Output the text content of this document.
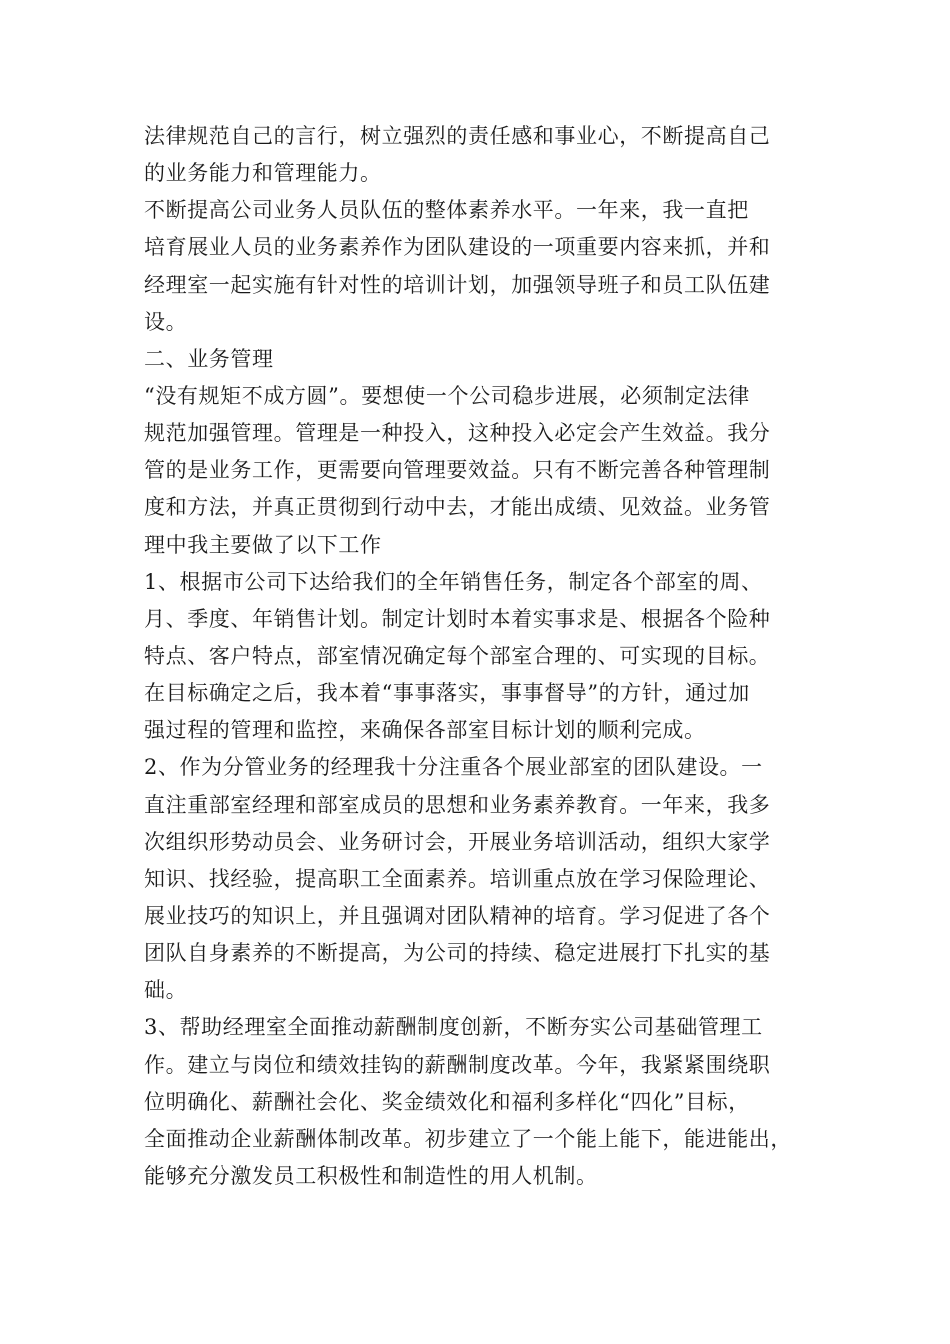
法律规范自己的言行，树立强烈的责任感和事业心，不断提高自己
的业务能力和管理能力。
不断提高公司业务人员队伍的整体素养水平。一年来，我一直把
培育展业人员的业务素养作为团队建设的一项重要内容来抓，并和
经理室一起实施有针对性的培训计划，加强领导班子和员工队伍建
设。
二、业务管理
“没有规矩不成方圆”。要想使一个公司稳步进展，必须制定法律
规范加强管理。管理是一种投入，这种投入必定会产生效益。我分
管的是业务工作，更需要向管理要效益。只有不断完善各种管理制
度和方法，并真正贯彻到行动中去，才能出成绩、见效益。业务管
理中我主要做了以下工作
1、根据市公司下达给我们的全年销售任务，制定各个部室的周、
月、季度、年销售计划。制定计划时本着实事求是、根据各个险种
特点、客户特点，部室情况确定每个部室合理的、可实现的目标。
在目标确定之后，我本着“事事落实，事事督导”的方针，通过加
强过程的管理和监控，来确保各部室目标计划的顺利完成。
2、作为分管业务的经理我十分注重各个展业部室的团队建设。一
直注重部室经理和部室成员的思想和业务素养教育。一年来，我多
次组织形势动员会、业务研讨会，开展业务培训活动，组织大家学
知识、找经验，提高职工全面素养。培训重点放在学习保险理论、
展业技巧的知识上，并且强调对团队精神的培育。学习促进了各个
团队自身素养的不断提高，为公司的持续、稳定进展打下扎实的基
础。
3、帮助经理室全面推动薪酬制度创新，不断夯实公司基础管理工
作。建立与岗位和绩效挂钩的薪酬制度改革。今年，我紧紧围绕职
位明确化、薪酬社会化、奖金绩效化和福利多样化“四化”目标，
全面推动企业薪酬体制改革。初步建立了一个能上能下，能进能出，
能够充分激发员工积极性和制造性的用人机制。
